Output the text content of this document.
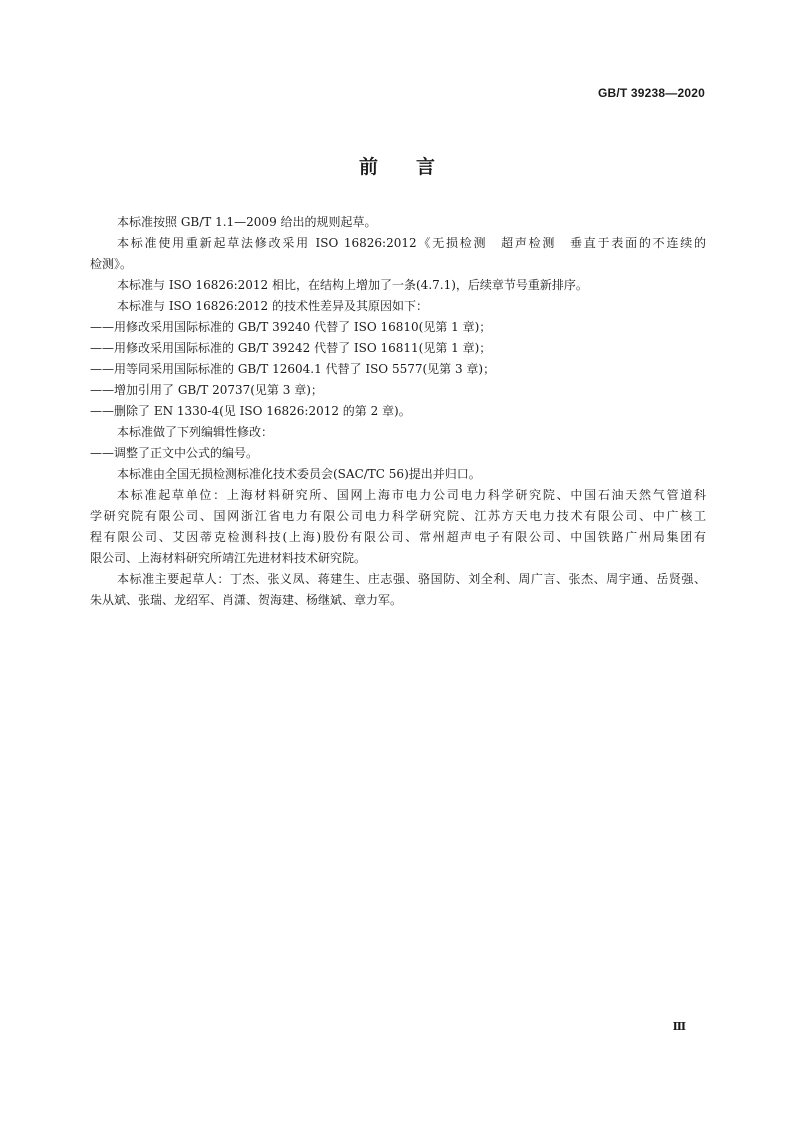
GB/T 39238—2020
前言
本标准按照 GB/T 1.1—2009 给出的规则起草。
本标准使用重新起草法修改采用 ISO 16826:2012《无损检测　超声检测　垂直于表面的不连续的
检测》。
本标准与 ISO 16826:2012 相比，在结构上增加了一条(4.7.1)，后续章节号重新排序。
本标准与 ISO 16826:2012 的技术性差异及其原因如下：
——用修改采用国际标准的 GB/T 39240 代替了 ISO 16810(见第 1 章)；
——用修改采用国际标准的 GB/T 39242 代替了 ISO 16811(见第 1 章)；
——用等同采用国际标准的 GB/T 12604.1 代替了 ISO 5577(见第 3 章)；
——增加引用了 GB/T 20737(见第 3 章)；
——删除了 EN 1330-4(见 ISO 16826:2012 的第 2 章)。
本标准做了下列编辑性修改：
——调整了正文中公式的编号。
本标准由全国无损检测标准化技术委员会(SAC/TC 56)提出并归口。
本标准起草单位：上海材料研究所、国网上海市电力公司电力科学研究院、中国石油天然气管道科
学研究院有限公司、国网浙江省电力有限公司电力科学研究院、江苏方天电力技术有限公司、中广核工
程有限公司、艾因蒂克检测科技(上海)股份有限公司、常州超声电子有限公司、中国铁路广州局集团有
限公司、上海材料研究所靖江先进材料技术研究院。
本标准主要起草人：丁杰、张义凤、蒋建生、庄志强、骆国防、刘全利、周广言、张杰、周宇通、岳贤强、
朱从斌、张瑞、龙绍军、肖潇、贺海建、杨继斌、章力军。
Ⅲ
